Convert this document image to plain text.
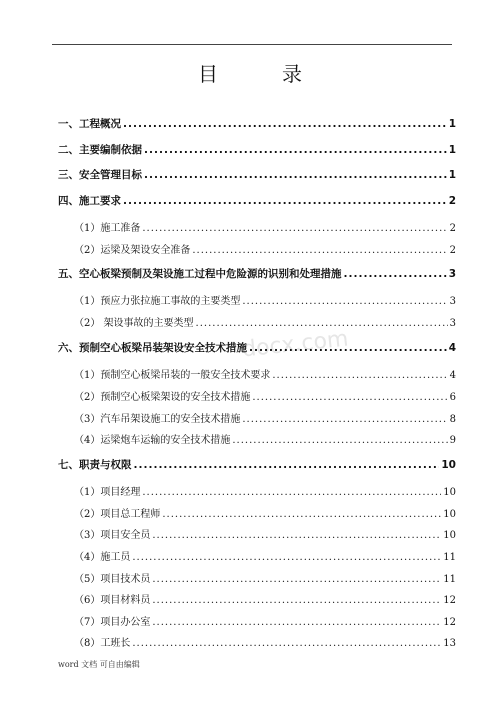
目　录
docx.com
一、工程概况 .....	1
二、主要编制依据 .....	1
三、安全管理目标 .....	1
四、施工要求 .....	2
（1）施工准备 .....	2
（2）运梁及架设安全准备 .....	2
五、空心板梁预制及架设施工过程中危险源的识别和处理措施 .....	3
（1）预应力张拉施工事故的主要类型 .....	3
（2） 架设事故的主要类型 .....	3
六、预制空心板梁吊装架设安全技术措施 .....	4
（1）预制空心板梁吊装的一般安全技术要求 .....	4
（2）预制空心板梁架设的安全技术措施 .....	6
（3）汽车吊架设施工的安全技术措施 .....	8
（4）运梁炮车运输的安全技术措施 .....	9
七、职责与权限 .....	10
（1）项目经理 .....	10
（2）项目总工程师 .....	10
（3）项目安全员 .....	10
（4）施工员 .....	11
（5）项目技术员 .....	11
（6）项目材料员 .....	12
（7）项目办公室 .....	12
（8）工班长 .....	13
word 文档 可自由编辑
